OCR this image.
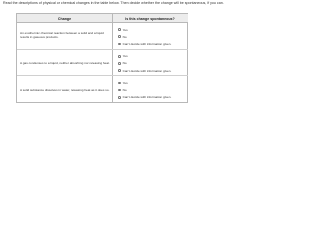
Read the descriptions of physical or chemical changes in the table below. Then decide whether the change will be spontaneous, if you can.
Change	Is this change spontaneous?
An exothermic chemical reaction between a solid and a liquid results in gaseous products.
Yes
No
Can't decide with information given.
A gas condenses to a liquid, neither absorbing nor releasing heat.
Yes
No
Can't decide with information given.
A solid substance dissolves in water, releasing heat as it does so.
Yes
No
Can't decide with information given.
